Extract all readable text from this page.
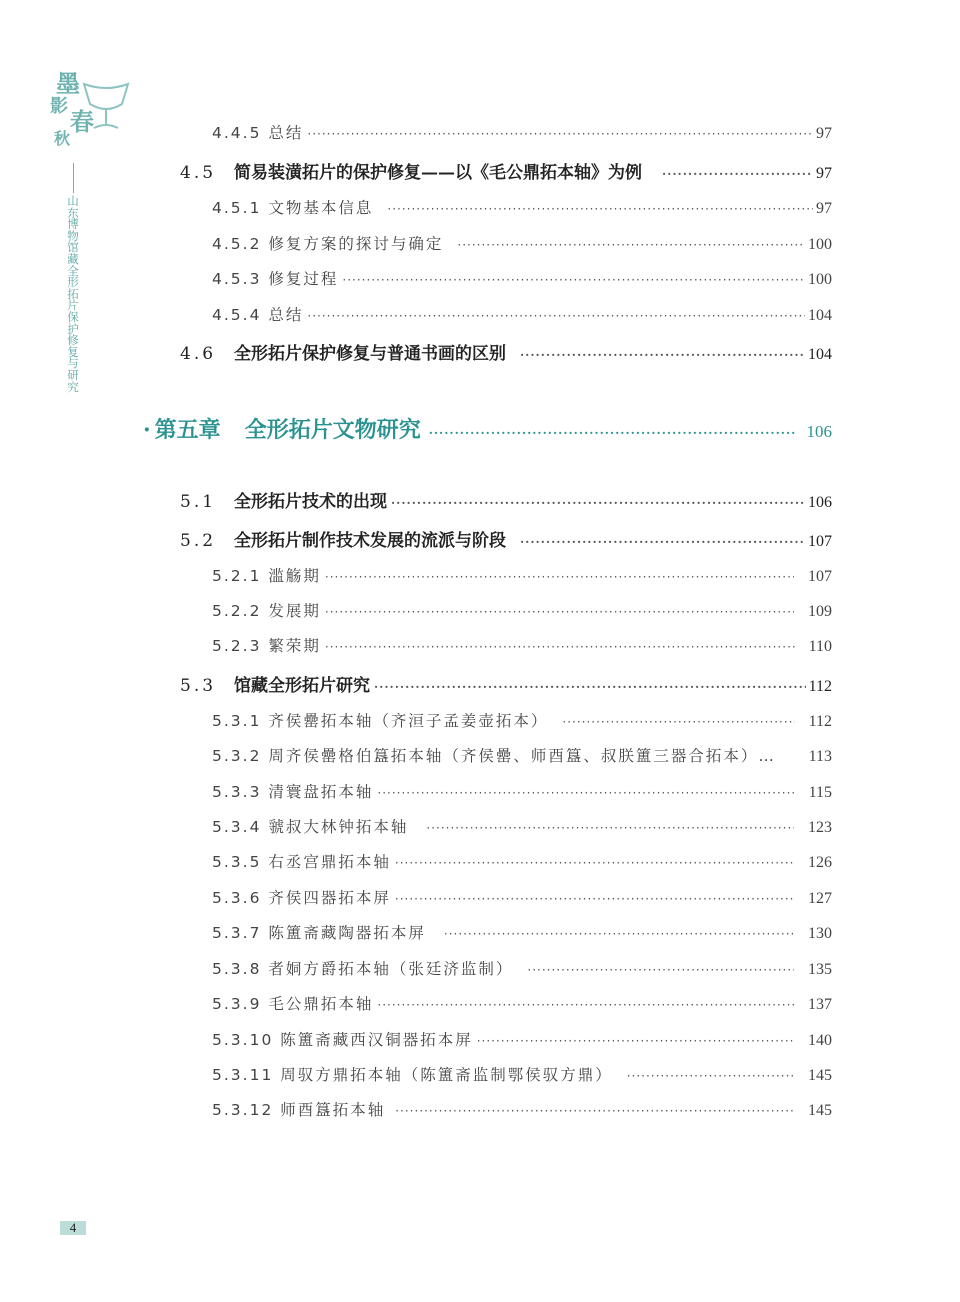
墨
影
春
秋
山东博物馆藏全形拓片保护修复与研究
4.4.5 总结 ·····	97
4.5 简易装潢拓片的保护修复——以《毛公鼎拓本轴》为例 ·····	97
4.5.1 文物基本信息 ·····	97
4.5.2 修复方案的探讨与确定 ·····	100
4.5.3 修复过程 ·····	100
4.5.4 总结 ·····	104
4.6 全形拓片保护修复与普通书画的区别 ·····	104
· 第五章 全形拓片文物研究 ·····	106
5.1 全形拓片技术的出现 ·····	106
5.2 全形拓片制作技术发展的流派与阶段 ·····	107
5.2.1 滥觞期 ·····	107
5.2.2 发展期 ·····	109
5.2.3 繁荣期 ·····	110
5.3 馆藏全形拓片研究 ·····	112
5.3.1 齐侯罍拓本轴（齐洹子孟姜壶拓本） ·····	112
5.3.2 周齐侯罍格伯簋拓本轴（齐侯罍、师酉簋、叔朕簠三器合拓本）… 113
5.3.3 清寰盘拓本轴 ·····	115
5.3.4 虢叔大林钟拓本轴 ·····	123
5.3.5 右丞宫鼎拓本轴 ·····	126
5.3.6 齐侯四器拓本屏 ·····	127
5.3.7 陈簠斋藏陶器拓本屏 ·····	130
5.3.8 者姛方爵拓本轴（张廷济监制） ·····	135
5.3.9 毛公鼎拓本轴 ·····	137
5.3.10 陈簠斋藏西汉铜器拓本屏 ·····	140
5.3.11 周驭方鼎拓本轴（陈簠斋监制鄂侯驭方鼎） ·····	145
5.3.12 师酉簋拓本轴 ·····	145
4
